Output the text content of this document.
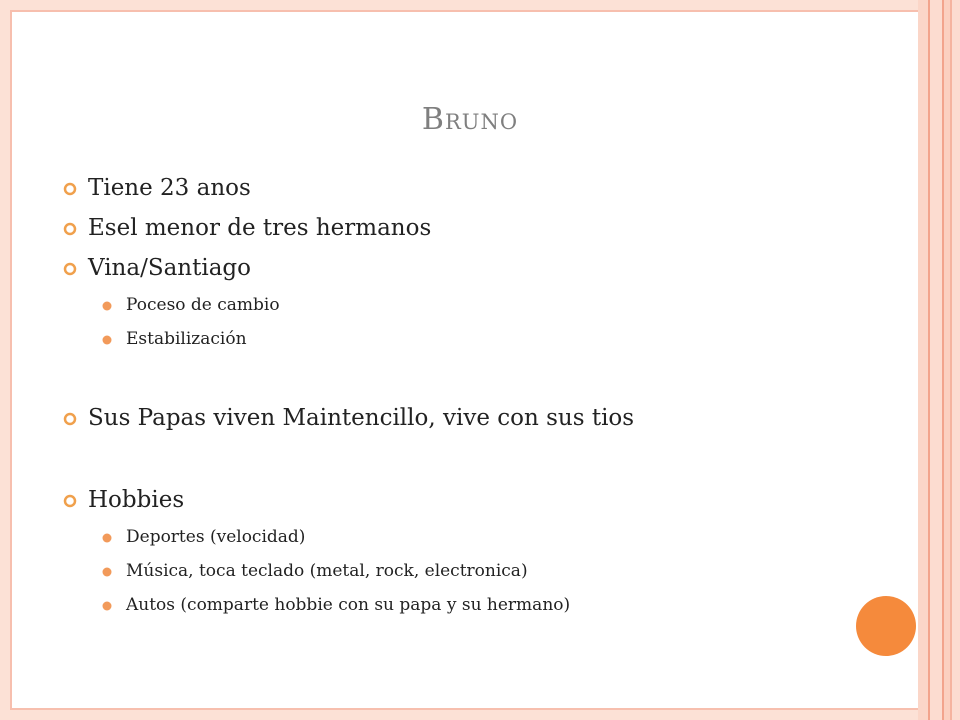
Bruno
Tiene 23 anos
Esel menor de tres hermanos
Vina/Santiago
Poceso de cambio
Estabilización
Sus Papas viven Maintencillo, vive con sus tios
Hobbies
Deportes (velocidad)
Música, toca teclado (metal, rock, electronica)
Autos (comparte hobbie con su papa y su hermano)
